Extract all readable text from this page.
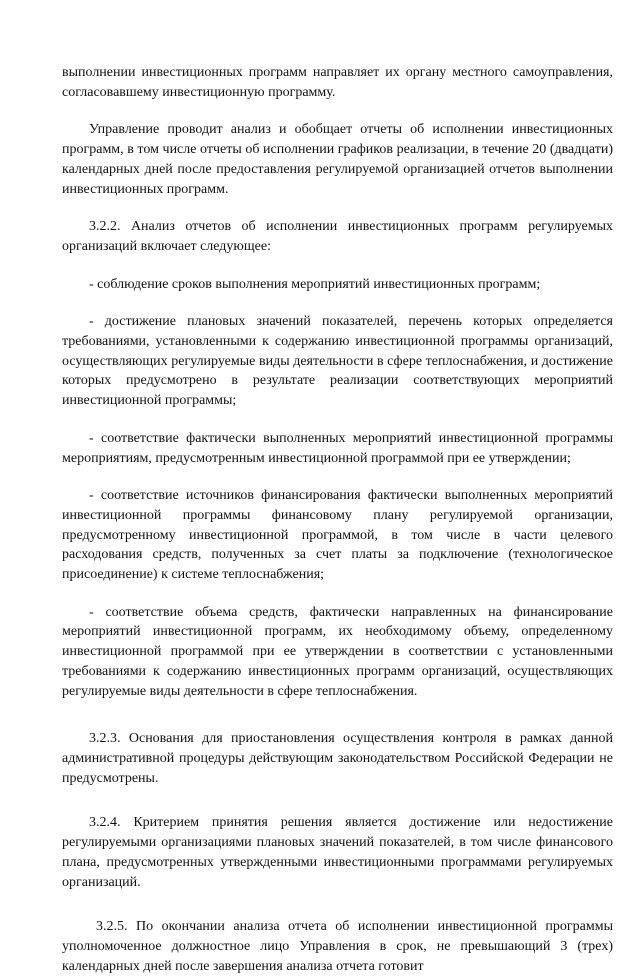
выполнении инвестиционных программ направляет их органу местного самоуправления, согласовавшему инвестиционную программу.

Управление проводит анализ и обобщает отчеты об исполнении инвестиционных программ, в том числе отчеты об исполнении графиков реализации, в течение 20 (двадцати) календарных дней после предоставления регулируемой организацией отчетов выполнении инвестиционных программ.

3.2.2. Анализ отчетов об исполнении инвестиционных программ регулируемых организаций включает следующее:

- соблюдение сроков выполнения мероприятий инвестиционных программ;

- достижение плановых значений показателей, перечень которых определяется требованиями, установленными к содержанию инвестиционной программы организаций, осуществляющих регулируемые виды деятельности в сфере теплоснабжения, и достижение которых предусмотрено в результате реализации соответствующих мероприятий инвестиционной программы;

- соответствие фактически выполненных мероприятий инвестиционной программы мероприятиям, предусмотренным инвестиционной программой при ее утверждении;

- соответствие источников финансирования фактически выполненных мероприятий инвестиционной программы финансовому плану регулируемой организации, предусмотренному инвестиционной программой, в том числе в части целевого расходования средств, полученных за счет платы за подключение (технологическое присоединение) к системе теплоснабжения;

- соответствие объема средств, фактически направленных на финансирование мероприятий инвестиционной программ, их необходимому объему, определенному инвестиционной программой при ее утверждении в соответствии с установленными требованиями к содержанию инвестиционных программ организаций, осуществляющих регулируемые виды деятельности в сфере теплоснабжения.

3.2.3. Основания для приостановления осуществления контроля в рамках данной административной процедуры действующим законодательством Российской Федерации не предусмотрены.

3.2.4. Критерием принятия решения является достижение или недостижение регулируемыми организациями плановых значений показателей, в том числе финансового плана, предусмотренных утвержденными инвестиционными программами регулируемых организаций.

3.2.5. По окончании анализа отчета об исполнении инвестиционной программы уполномоченное должностное лицо Управления в срок, не превышающий 3 (трех) календарных дней после завершения анализа отчета готовит
